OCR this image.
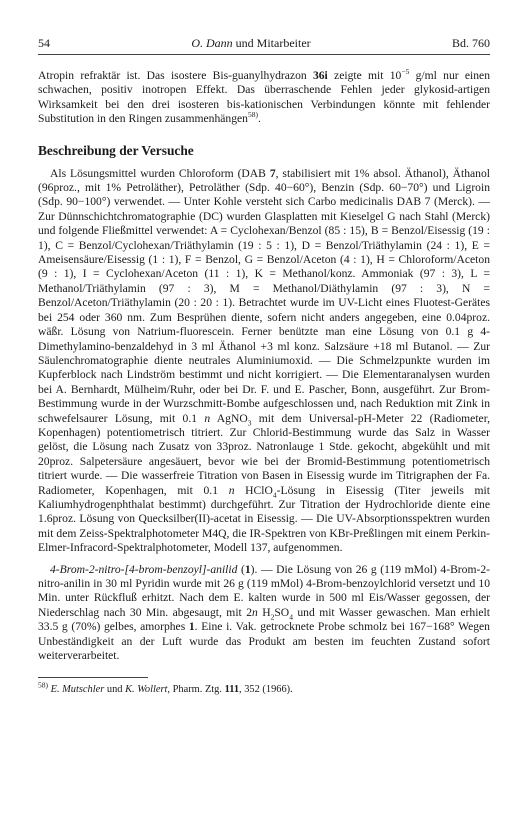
54	O. Dann und Mitarbeiter	Bd. 760

Atropin refraktär ist. Das isostere Bis-guanylhydrazon 36i zeigte mit $10^{-5}$ g/ml nur einen schwachen, positiv inotropen Effekt. Das überraschende Fehlen jeder glykosid-artigen Wirksamkeit bei den drei isosteren bis-kationischen Verbindungen könnte mit fehlender Substitution in den Ringen zusammenhängen$^{58)}$.

Beschreibung der Versuche

Als Lösungsmittel wurden Chloroform (DAB 7, stabilisiert mit 1% absol. Äthanol), Äthanol (96proz., mit 1% Petroläther), Petroläther (Sdp. 40−60°), Benzin (Sdp. 60−70°) und Ligroin (Sdp. 90−100°) verwendet. — Unter Kohle versteht sich Carbo medicinalis DAB 7 (Merck). — Zur Dünnschichtchromatographie (DC) wurden Glasplatten mit Kieselgel G nach Stahl (Merck) und folgende Fließmittel verwendet: A = Cyclohexan/Benzol (85 : 15), B = Benzol/Eisessig (19 : 1), C = Benzol/Cyclohexan/Triäthylamin (19 : 5 : 1), D = Benzol/Triäthylamin (24 : 1), E = Ameisensäure/Eisessig (1 : 1), F = Benzol, G = Benzol/Aceton (4 : 1), H = Chloroform/Aceton (9 : 1), I = Cyclohexan/Aceton (11 : 1), K = Methanol/konz. Ammoniak (97 : 3), L = Methanol/Triäthylamin (97 : 3), M = Methanol/Diäthylamin (97 : 3), N = Benzol/Aceton/Triäthylamin (20 : 20 : 1). Betrachtet wurde im UV-Licht eines Fluotest-Gerätes bei 254 oder 360 nm. Zum Besprühen diente, sofern nicht anders angegeben, eine 0.04proz. wäßr. Lösung von Natrium-fluorescein. Ferner benützte man eine Lösung von 0.1 g 4-Dimethylamino-benzaldehyd in 3 ml Äthanol +3 ml konz. Salzsäure +18 ml Butanol. — Zur Säulenchromatographie diente neutrales Aluminiumoxid. — Die Schmelzpunkte wurden im Kupferblock nach Lindström bestimmt und nicht korrigiert. — Die Elementaranalysen wurden bei A. Bernhardt, Mülheim/Ruhr, oder bei Dr. F. und E. Pascher, Bonn, ausgeführt. Zur Brom-Bestimmung wurde in der Wurzschmitt-Bombe aufgeschlossen und, nach Reduktion mit Zink in schwefelsaurer Lösung, mit 0.1 n AgNO$_3$ mit dem Universal-pH-Meter 22 (Radiometer, Kopenhagen) potentiometrisch titriert. Zur Chlorid-Bestimmung wurde das Salz in Wasser gelöst, die Lösung nach Zusatz von 33proz. Natronlauge 1 Stde. gekocht, abgekühlt und mit 20proz. Salpetersäure angesäuert, bevor wie bei der Bromid-Bestimmung potentiometrisch titriert wurde. — Die wasserfreie Titration von Basen in Eisessig wurde im Titrigraphen der Fa. Radiometer, Kopenhagen, mit 0.1 n HClO$_4$-Lösung in Eisessig (Titer jeweils mit Kaliumhydrogenphthalat bestimmt) durchgeführt. Zur Titration der Hydrochloride diente eine 1.6proz. Lösung von Quecksilber(II)-acetat in Eisessig. — Die UV-Absorptionsspektren wurden mit dem Zeiss-Spektralphotometer M4Q, die IR-Spektren von KBr-Preßlingen mit einem Perkin-Elmer-Infracord-Spektralphotometer, Modell 137, aufgenommen.

4-Brom-2-nitro-[4-brom-benzoyl]-anilid (1). — Die Lösung von 26 g (119 mMol) 4-Brom-2-nitro-anilin in 30 ml Pyridin wurde mit 26 g (119 mMol) 4-Brom-benzoylchlorid versetzt und 10 Min. unter Rückfluß erhitzt. Nach dem E. kalten wurde in 500 ml Eis/Wasser gegossen, der Niederschlag nach 30 Min. abgesaugt, mit 2n $H_2SO_4$ und mit Wasser gewaschen. Man erhielt 33.5 g (70%) gelbes, amorphes 1. Eine i. Vak. getrocknete Probe schmolz bei 167−168° Wegen Unbeständigkeit an der Luft wurde das Produkt am besten im feuchten Zustand sofort weiterverarbeitet.

$^{58)}$ E. Mutschler und K. Wollert, Pharm. Ztg. 111, 352 (1966).
